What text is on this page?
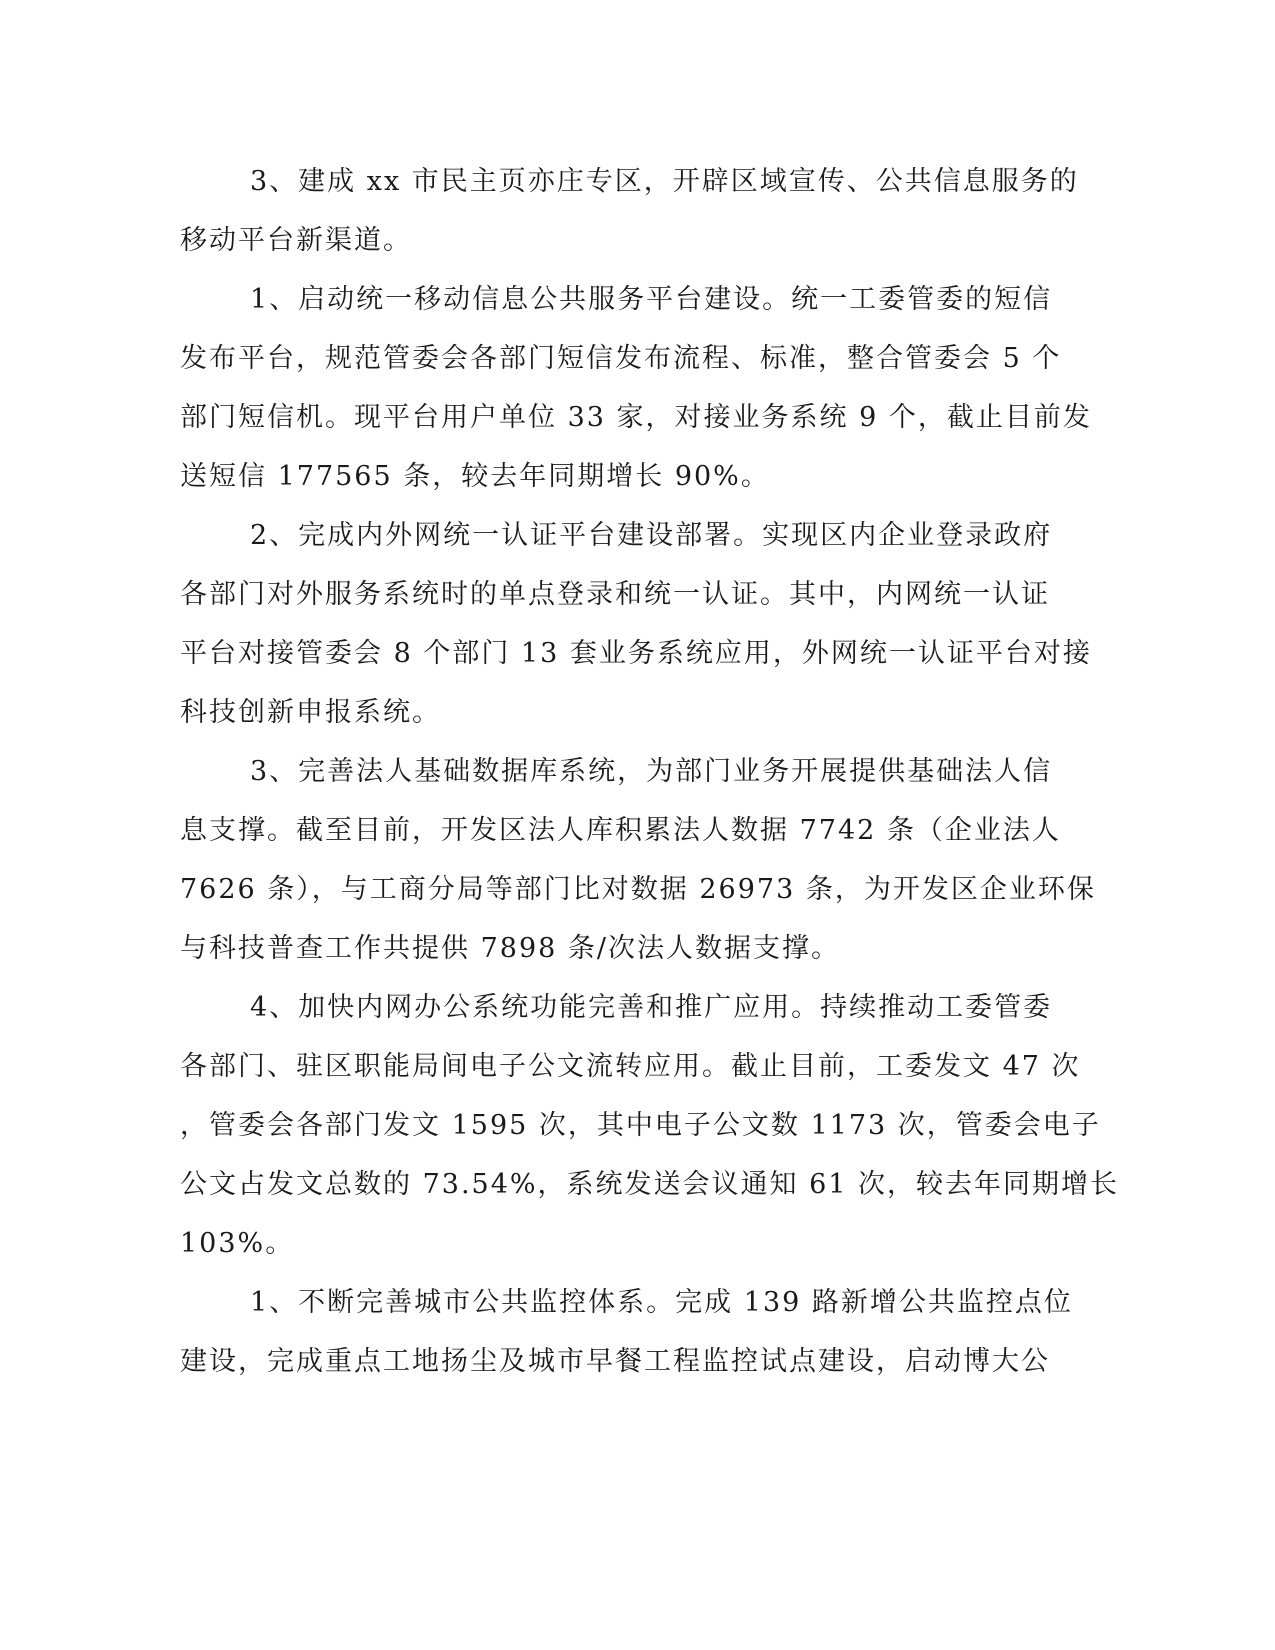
3、建成 xx 市民主页亦庄专区，开辟区域宣传、公共信息服务的
移动平台新渠道。
1、启动统一移动信息公共服务平台建设。统一工委管委的短信
发布平台，规范管委会各部门短信发布流程、标准，整合管委会 5 个
部门短信机。现平台用户单位 33 家，对接业务系统 9 个，截止目前发
送短信 177565 条，较去年同期增长 90%。
2、完成内外网统一认证平台建设部署。实现区内企业登录政府
各部门对外服务系统时的单点登录和统一认证。其中，内网统一认证
平台对接管委会 8 个部门 13 套业务系统应用，外网统一认证平台对接
科技创新申报系统。
3、完善法人基础数据库系统，为部门业务开展提供基础法人信
息支撑。截至目前，开发区法人库积累法人数据 7742 条（企业法人
7626 条），与工商分局等部门比对数据 26973 条，为开发区企业环保
与科技普查工作共提供 7898 条/次法人数据支撑。
4、加快内网办公系统功能完善和推广应用。持续推动工委管委
各部门、驻区职能局间电子公文流转应用。截止目前，工委发文 47 次
，管委会各部门发文 1595 次，其中电子公文数 1173 次，管委会电子
公文占发文总数的 73.54%，系统发送会议通知 61 次，较去年同期增长
103%。
1、不断完善城市公共监控体系。完成 139 路新增公共监控点位
建设，完成重点工地扬尘及城市早餐工程监控试点建设，启动博大公
